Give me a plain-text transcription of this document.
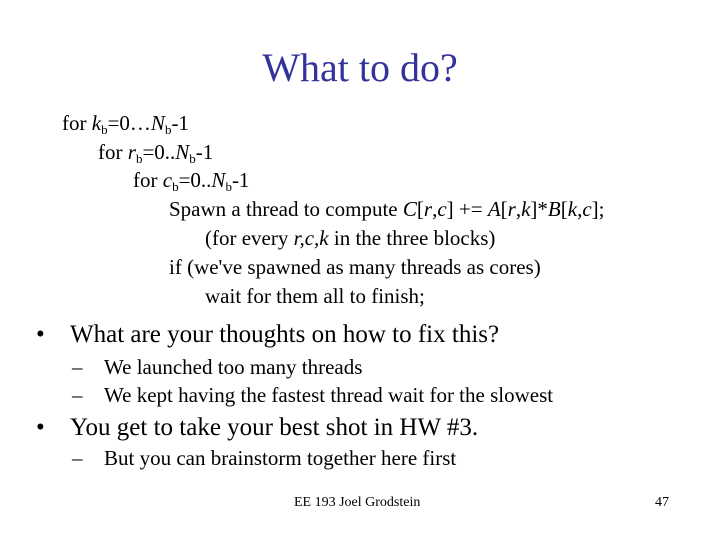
What to do?
for $k_b=0\dots N_b-1$
for $r_b=0..N_b-1$
for $c_b=0..N_b-1$
Spawn a thread to compute C[r,c] += A[r,k]*B[k,c];
(for every r,c,k in the three blocks)
if (we've spawned as many threads as cores)
wait for them all to finish;
• What are your thoughts on how to fix this?
– We launched too many threads
– We kept having the fastest thread wait for the slowest
• You get to take your best shot in HW #3.
– But you can brainstorm together here first
EE 193 Joel Grodstein	47
